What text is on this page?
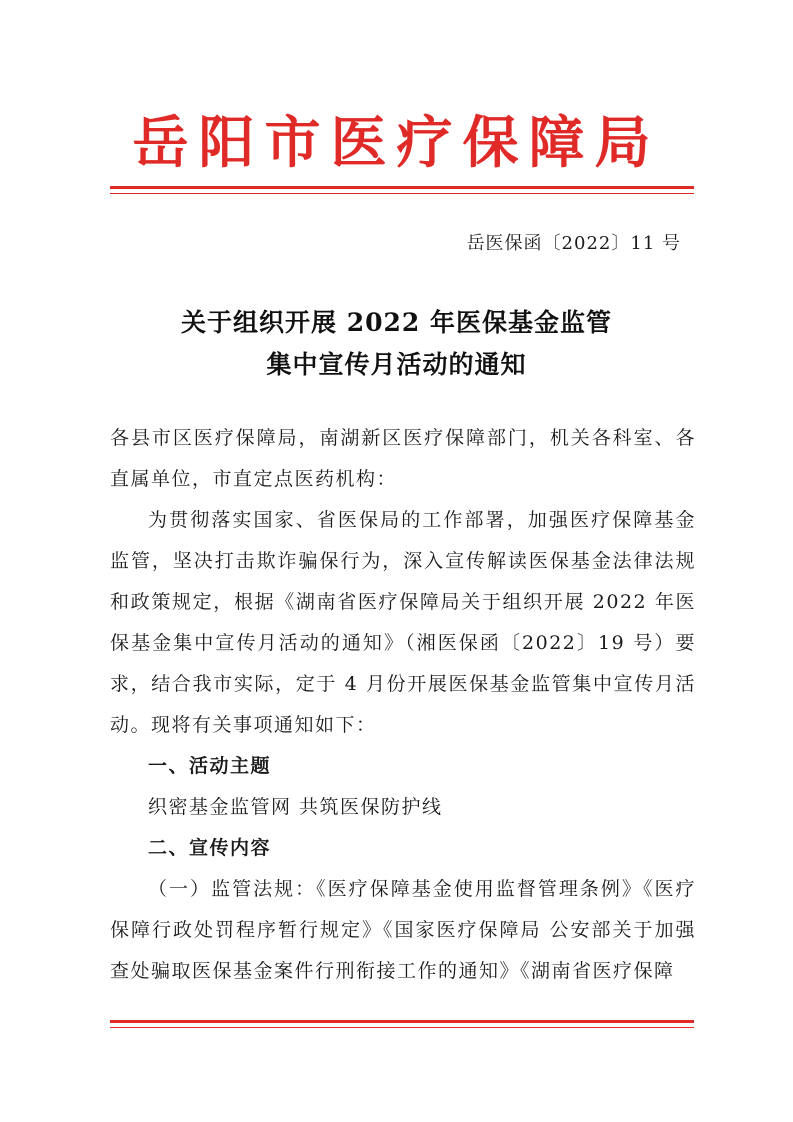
岳阳市医疗保障局
岳医保函〔2022〕11 号
关于组织开展 2022 年医保基金监管
集中宣传月活动的通知

各县市区医疗保障局，南湖新区医疗保障部门，机关各科室、各直属单位，市直定点医药机构：

为贯彻落实国家、省医保局的工作部署，加强医疗保障基金监管，坚决打击欺诈骗保行为，深入宣传解读医保基金法律法规和政策规定，根据《湖南省医疗保障局关于组织开展 2022 年医保基金集中宣传月活动的通知》（湘医保函〔2022〕19 号）要求，结合我市实际，定于 4 月份开展医保基金监管集中宣传月活动。现将有关事项通知如下：

一、活动主题

织密基金监管网 共筑医保防护线

二、宣传内容

（一）监管法规：《医疗保障基金使用监督管理条例》《医疗保障行政处罚程序暂行规定》《国家医疗保障局 公安部关于加强查处骗取医保基金案件行刑衔接工作的通知》《湖南省医疗保障
